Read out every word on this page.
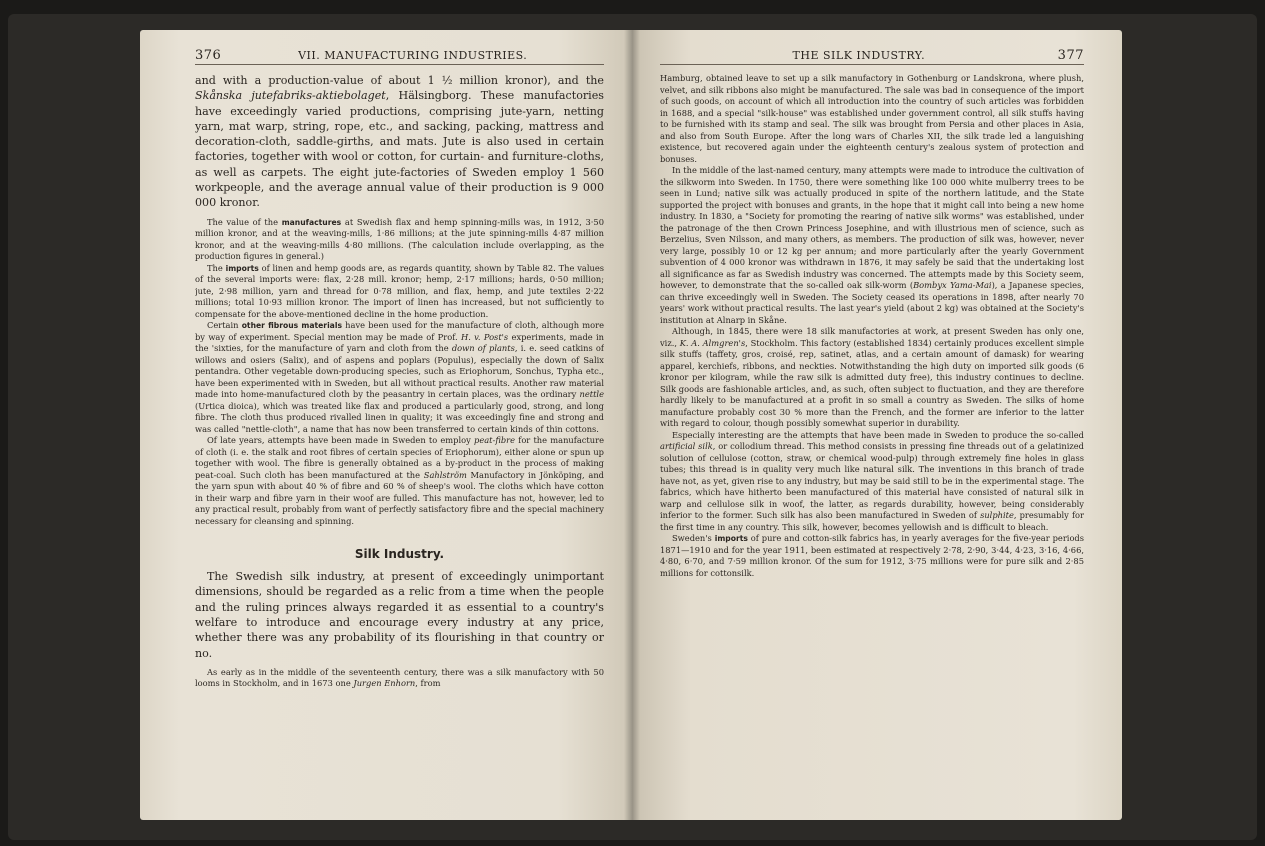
376	VII. MANUFACTURING INDUSTRIES.

and with a production-value of about 1 ½ million kronor), and the Skånska jutefabriks-aktiebolaget, Hälsingborg. These manufactories have exceedingly varied productions, comprising jute-yarn, netting yarn, mat warp, string, rope, etc., and sacking, packing, mattress and decoration-cloth, saddle-girths, and mats. Jute is also used in certain factories, together with wool or cotton, for curtain- and furniture-cloths, as well as carpets. The eight jute-factories of Sweden employ 1 560 workpeople, and the average annual value of their production is 9 000 000 kronor.

The value of the manufactures at Swedish flax and hemp spinning-mills was, in 1912, 3·50 million kronor, and at the weaving-mills, 1·86 millions; at the jute spinning-mills 4·87 million kronor, and at the weaving-mills 4·80 millions. (The calculation include overlapping, as the production figures in general.)

The imports of linen and hemp goods are, as regards quantity, shown by Table 82. The values of the several imports were: flax, 2·28 mill. kronor; hemp, 2·17 millions; hards, 0·50 million; jute, 2·98 million, yarn and thread for 0·78 million, and flax, hemp, and jute textiles 2·22 millions; total 10·93 million kronor. The import of linen has increased, but not sufficiently to compensate for the above-mentioned decline in the home production.

Certain other fibrous materials have been used for the manufacture of cloth, although more by way of experiment. Special mention may be made of Prof. H. v. Post's experiments, made in the 'sixties, for the manufacture of yarn and cloth from the down of plants, i. e. seed catkins of willows and osiers (Salix), and of aspens and poplars (Populus), especially the down of Salix pentandra. Other vegetable down-producing species, such as Eriophorum, Sonchus, Typha etc., have been experimented with in Sweden, but all without practical results. Another raw material made into home-manufactured cloth by the peasantry in certain places, was the ordinary nettle (Urtica dioica), which was treated like flax and produced a particularly good, strong, and long fibre. The cloth thus produced rivalled linen in quality; it was exceedingly fine and strong and was called "nettle-cloth", a name that has now been transferred to certain kinds of thin cottons.

Of late years, attempts have been made in Sweden to employ peat-fibre for the manufacture of cloth (i. e. the stalk and root fibres of certain species of Eriophorum), either alone or spun up together with wool. The fibre is generally obtained as a by-product in the process of making peat-coal. Such cloth has been manufactured at the Sahlström Manufactory in Jönköping, and the yarn spun with about 40 % of fibre and 60 % of sheep's wool. The cloths which have cotton in their warp and fibre yarn in their woof are fulled. This manufacture has not, however, led to any practical result, probably from want of perfectly satisfactory fibre and the special machinery necessary for cleansing and spinning.

Silk Industry.

The Swedish silk industry, at present of exceedingly unimportant dimensions, should be regarded as a relic from a time when the people and the ruling princes always regarded it as essential to a country's welfare to introduce and encourage every industry at any price, whether there was any probability of its flourishing in that country or no.

As early as in the middle of the seventeenth century, there was a silk manufactory with 50 looms in Stockholm, and in 1673 one Jurgen Enhorn, from

THE SILK INDUSTRY.	377

Hamburg, obtained leave to set up a silk manufactory in Gothenburg or Landskrona, where plush, velvet, and silk ribbons also might be manufactured. The sale was bad in consequence of the import of such goods, on account of which all introduction into the country of such articles was forbidden in 1688, and a special "silk-house" was established under government control, all silk stuffs having to be furnished with its stamp and seal. The silk was brought from Persia and other places in Asia, and also from South Europe. After the long wars of Charles XII, the silk trade led a languishing existence, but recovered again under the eighteenth century's zealous system of protection and bonuses.

In the middle of the last-named century, many attempts were made to introduce the cultivation of the silkworm into Sweden. In 1750, there were something like 100 000 white mulberry trees to be seen in Lund; native silk was actually produced in spite of the northern latitude, and the State supported the project with bonuses and grants, in the hope that it might call into being a new home industry. In 1830, a "Society for promoting the rearing of native silk worms" was established, under the patronage of the then Crown Princess Josephine, and with illustrious men of science, such as Berzelius, Sven Nilsson, and many others, as members. The production of silk was, however, never very large, possibly 10 or 12 kg per annum; and more particularly after the yearly Government subvention of 4 000 kronor was withdrawn in 1876, it may safely be said that the undertaking lost all significance as far as Swedish industry was concerned. The attempts made by this Society seem, however, to demonstrate that the so-called oak silk-worm (Bombyx Yama-Mai), a Japanese species, can thrive exceedingly well in Sweden. The Society ceased its operations in 1898, after nearly 70 years' work without practical results. The last year's yield (about 2 kg) was obtained at the Society's institution at Alnarp in Skåne.

Although, in 1845, there were 18 silk manufactories at work, at present Sweden has only one, viz., K. A. Almgren's, Stockholm. This factory (established 1834) certainly produces excellent simple silk stuffs (taffety, gros, croisé, rep, satinet, atlas, and a certain amount of damask) for wearing apparel, kerchiefs, ribbons, and neckties. Notwithstanding the high duty on imported silk goods (6 kronor per kilogram, while the raw silk is admitted duty free), this industry continues to decline. Silk goods are fashionable articles, and, as such, often subject to fluctuation, and they are therefore hardly likely to be manufactured at a profit in so small a country as Sweden. The silks of home manufacture probably cost 30 % more than the French, and the former are inferior to the latter with regard to colour, though possibly somewhat superior in durability.

Especially interesting are the attempts that have been made in Sweden to produce the so-called artificial silk, or collodium thread. This method consists in pressing fine threads out of a gelatinized solution of cellulose (cotton, straw, or chemical wood-pulp) through extremely fine holes in glass tubes; this thread is in quality very much like natural silk. The inventions in this branch of trade have not, as yet, given rise to any industry, but may be said still to be in the experimental stage. The fabrics, which have hitherto been manufactured of this material have consisted of natural silk in warp and cellulose silk in woof, the latter, as regards durability, however, being considerably inferior to the former. Such silk has also been manufactured in Sweden of sulphite, presumably for the first time in any country. This silk, however, becomes yellowish and is difficult to bleach.

Sweden's imports of pure and cotton-silk fabrics has, in yearly averages for the five-year periods 1871—1910 and for the year 1911, been estimated at respectively 2·78, 2·90, 3·44, 4·23, 3·16, 4·66, 4·80, 6·70, and 7·59 million kronor. Of the sum for 1912, 3·75 millions were for pure silk and 2·85 millions for cottonsilk.
